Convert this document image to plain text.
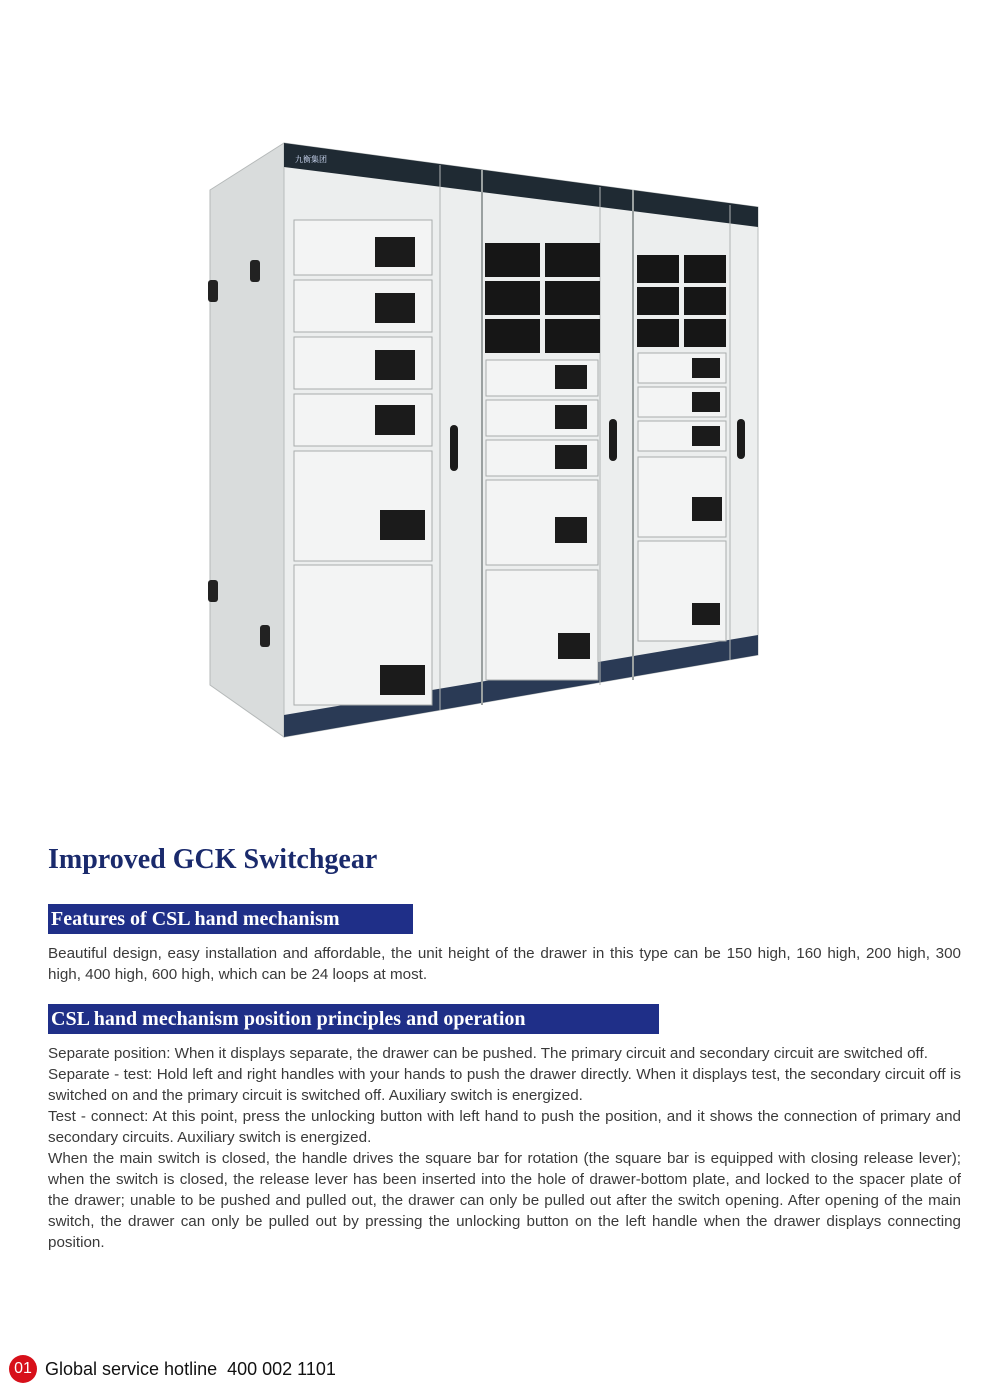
九衡集团
Improved GCK Switchgear
Features of CSL hand mechanism

Beautiful design, easy installation and affordable, the unit height of the drawer in this type can be 150 high, 160 high, 200 high, 300 high, 400 high, 600 high, which can be 24 loops at most.

CSL hand mechanism position principles and operation
Separate position: When it displays separate, the drawer can be pushed. The primary circuit and secondary circuit are switched off.
Separate - test: Hold left and right handles with your hands to push the drawer directly. When it displays test, the secondary circuit off is switched on and the primary circuit is switched off. Auxiliary switch is energized.
Test - connect: At this point, press the unlocking button with left hand to push the position, and it shows the connection of primary and secondary circuits. Auxiliary switch is energized.
When the main switch is closed, the handle drives the square bar for rotation (the square bar is equipped with closing release lever); when the switch is closed, the release lever has been inserted into the hole of drawer-bottom plate, and locked to the spacer plate of the drawer; unable to be pushed and pulled out, the drawer can only be pulled out after the switch opening. After opening of the main switch, the drawer can only be pulled out by pressing the unlocking button on the left handle when the drawer displays connecting position.
01 Global service hotline  400 002 1101
